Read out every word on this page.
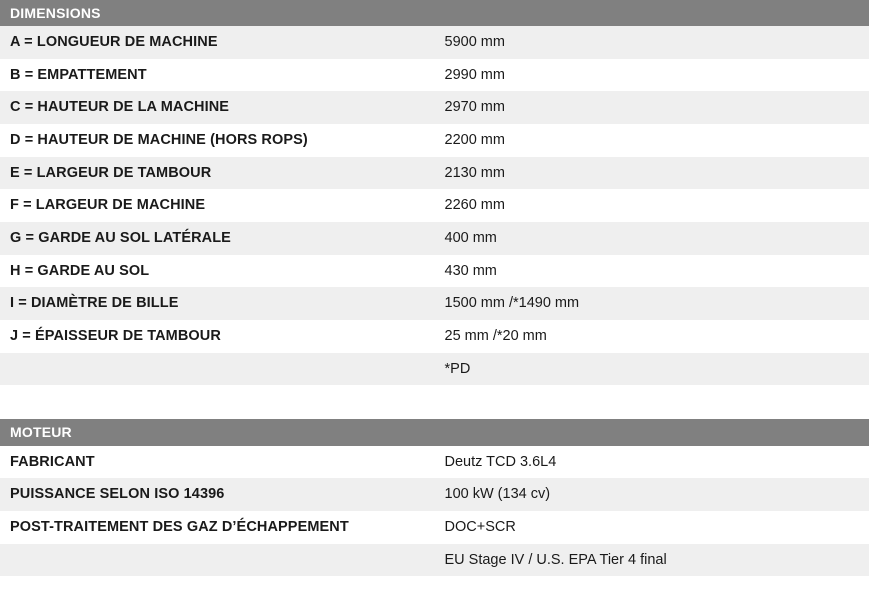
DIMENSIONS	
A = LONGUEUR DE MACHINE	5900 mm
B = EMPATTEMENT	2990 mm
C = HAUTEUR DE LA MACHINE	2970 mm
D = HAUTEUR DE MACHINE (HORS ROPS)	2200 mm
E = LARGEUR DE TAMBOUR	2130 mm
F = LARGEUR DE MACHINE	2260 mm
G = GARDE AU SOL LATÉRALE	400 mm
H = GARDE AU SOL	430 mm
I = DIAMÈTRE DE BILLE	1500 mm /*1490 mm
J = ÉPAISSEUR DE TAMBOUR	25 mm /*20 mm
	*PD
MOTEUR	
FABRICANT	Deutz TCD 3.6L4
PUISSANCE SELON ISO 14396	100 kW (134 cv)
POST-TRAITEMENT DES GAZ D’ÉCHAPPEMENT	DOC+SCR
	EU Stage IV / U.S. EPA Tier 4 final
